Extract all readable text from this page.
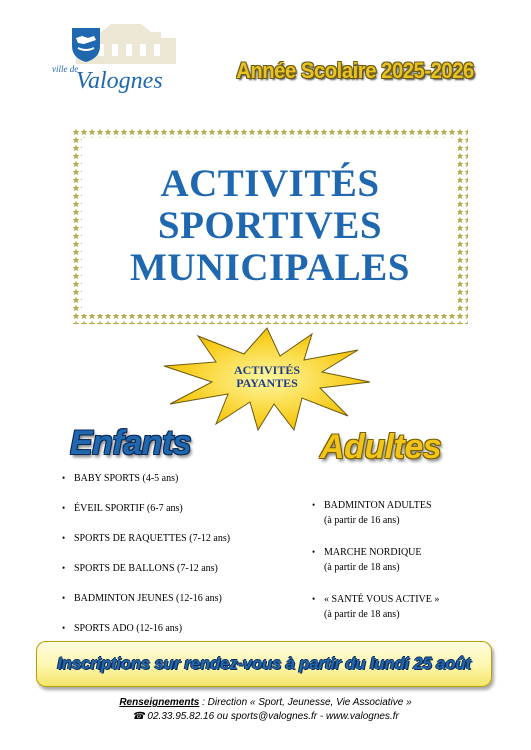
ville de
Valognes	Année Scolaire 2025-2026
ACTIVITÉS
SPORTIVES
MUNICIPALES
ACTIVITÉS
PAYANTES
Enfants	Adultes
• BABY SPORTS (4-5 ans)
• ÉVEIL SPORTIF (6-7 ans)
• SPORTS DE RAQUETTES (7-12 ans)
• SPORTS DE BALLONS (7-12 ans)
• BADMINTON JEUNES (12-16 ans)
• SPORTS ADO (12-16 ans)
• BADMINTON ADULTES
(à partir de 16 ans)
• MARCHE NORDIQUE
(à partir de 18 ans)
• « SANTÉ VOUS ACTIVE »
(à partir de 18 ans)
Inscriptions sur rendez-vous à partir du lundi 25 août
Renseignements : Direction « Sport, Jeunesse, Vie Associative »
☎ 02.33.95.82.16 ou sports@valognes.fr - www.valognes.fr
